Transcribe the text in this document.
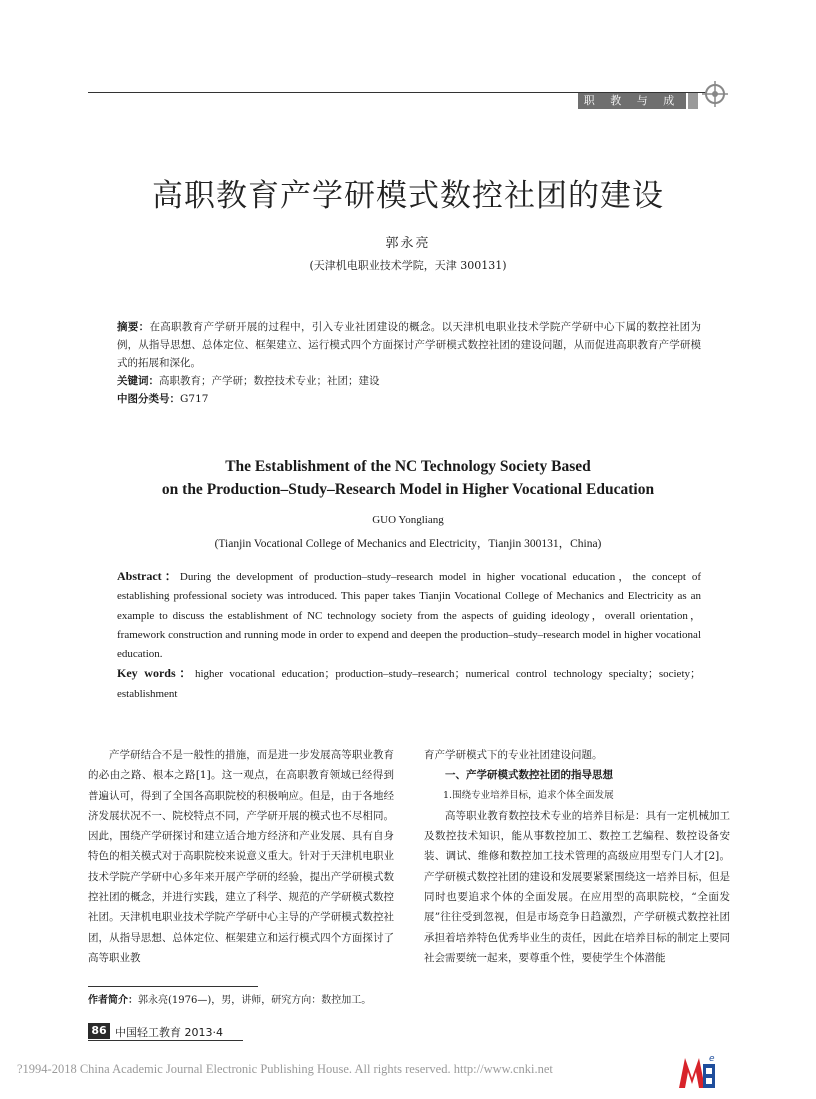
职 教 与 成 教
高职教育产学研模式数控社团的建设
郭永亮
(天津机电职业技术学院，天津 300131)

摘要：在高职教育产学研开展的过程中，引入专业社团建设的概念。以天津机电职业技术学院产学研中心下属的数控社团为例，从指导思想、总体定位、框架建立、运行模式四个方面探讨产学研模式数控社团的建设问题，从而促进高职教育产学研模式的拓展和深化。

关键词：高职教育；产学研；数控技术专业；社团；建设

中图分类号：G717

The Establishment of the NC Technology Society Based
on the Production–Study–Research Model in Higher Vocational Education
GUO Yongliang
(Tianjin Vocational College of Mechanics and Electricity，Tianjin 300131，China)

Abstract：During the development of production–study–research model in higher vocational education，the concept of establishing professional society was introduced. This paper takes Tianjin Vocational College of Mechanics and Electricity as an example to discuss the establishment of NC technology society from the aspects of guiding ideology，overall orientation，framework construction and running mode in order to expend and deepen the production–study–research model in higher vocational education.

Key words：higher vocational education；production–study–research；numerical control technology specialty；society；establishment

产学研结合不是一般性的措施，而是进一步发展高等职业教育的必由之路、根本之路[1]。这一观点，在高职教育领域已经得到普遍认可，得到了全国各高职院校的积极响应。但是，由于各地经济发展状况不一、院校特点不同，产学研开展的模式也不尽相同。因此，围绕产学研探讨和建立适合地方经济和产业发展、具有自身特色的相关模式对于高职院校来说意义重大。针对于天津机电职业技术学院产学研中心多年来开展产学研的经验，提出产学研模式数控社团的概念，并进行实践，建立了科学、规范的产学研模式数控社团。天津机电职业技术学院产学研中心主导的产学研模式数控社团，从指导思想、总体定位、框架建立和运行模式四个方面探讨了高等职业教

育产学研模式下的专业社团建设问题。

一、产学研模式数控社团的指导思想

1.围绕专业培养目标，追求个体全面发展

高等职业教育数控技术专业的培养目标是：具有一定机械加工及数控技术知识，能从事数控加工、数控工艺编程、数控设备安装、调试、维修和数控加工技术管理的高级应用型专门人才[2]。产学研模式数控社团的建设和发展要紧紧围绕这一培养目标，但是同时也要追求个体的全面发展。在应用型的高职院校，“全面发展”往往受到忽视，但是市场竞争日趋激烈，产学研模式数控社团承担着培养特色优秀毕业生的责任，因此在培养目标的制定上要同社会需要统一起来，要尊重个性，要使学生个体潜能

作者简介：郭永亮(1976—)，男，讲师，研究方向：数控加工。
86 中国轻工教育 2013·4
?1994-2018 China Academic Journal Electronic Publishing House. All rights reserved. http://www.cnki.net
e
